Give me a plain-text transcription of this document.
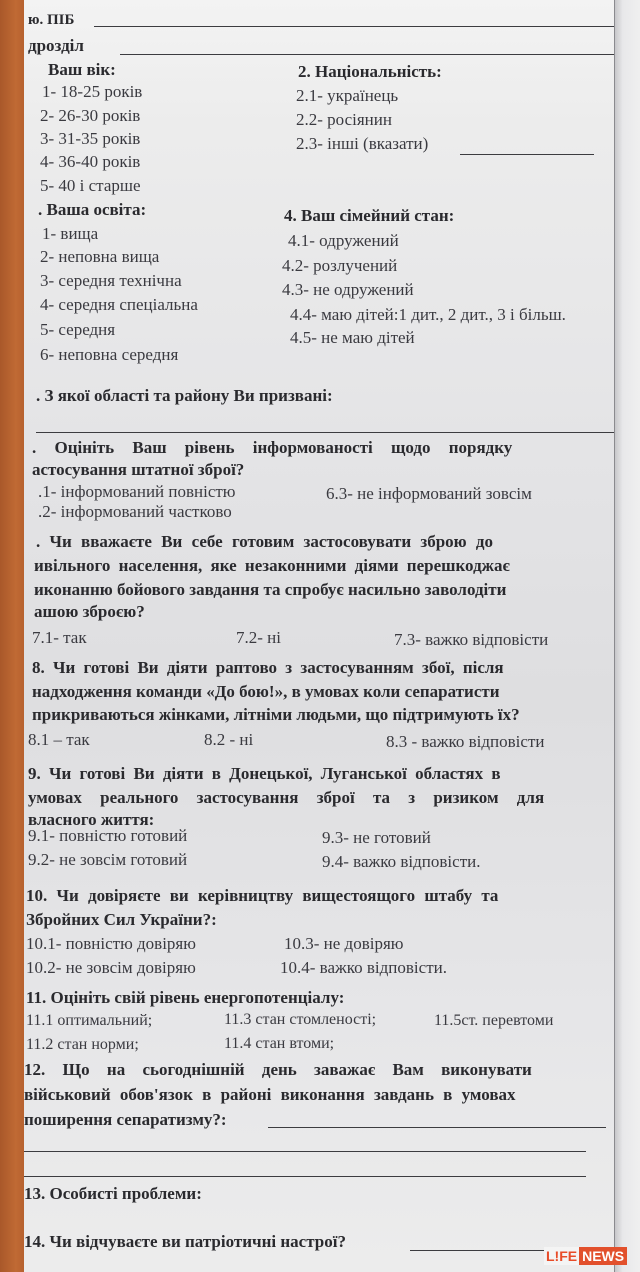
ю. ПІБ
дрозділ
Ваш вік:
1- 18-25 років
2- 26-30 років
3- 31-35 років
4- 36-40 років
5- 40 і старше
2. Національність:
2.1- українець
2.2- росіянин
2.3- інші (вказати)
. Ваша освіта:
1- вища
2- неповна вища
3- середня технічна
4- середня спеціальна
5- середня
6- неповна середня
4. Ваш сімейний стан:
4.1- одружений
4.2- розлучений
4.3- не одружений
4.4- маю дітей:1 дит., 2 дит., 3 і більш.
4.5- не маю дітей
. З якої області та району Ви призвані:
. Оцініть Ваш рівень інформованості щодо порядку
астосування штатної зброї?
.1- інформований повністю
.2- інформований частково
6.3- не інформований зовсім
. Чи вважаєте Ви себе готовим застосовувати зброю до
ивільного населення, яке незаконними діями перешкоджає
иконанню бойового завдання та спробує насильно заволодіти
ашою зброєю?
7.1- так	7.2- ні	7.3- важко відповісти
8. Чи готові Ви діяти раптово з застосуванням збої, після
надходження команди «До бою!», в умовах коли сепаратисти
прикриваються жінками, літніми людьми, що підтримують їх?
8.1 – так	8.2 - ні	8.3 - важко відповісти
9. Чи готові Ви діяти в Донецької, Луганської областях в
умовах реального застосування зброї та з ризиком для
власного життя:
9.1- повністю готовий
9.2- не зовсім готовий
9.3- не готовий
9.4- важко відповісти.
10. Чи довіряєте ви керівництву вищестоящого штабу та
Збройних Сил України?:
10.1- повністю довіряю
10.2- не зовсім довіряю
10.3- не довіряю
10.4- важко відповісти.
11. Оцініть свій рівень енергопотенціалу:
11.1 оптимальний;
11.2 стан норми;
11.3 стан стомленості;
11.4 стан втоми;
11.5ст. перевтоми
12. Що на сьогоднішній день заважає Вам виконувати
військовий обов'язок в районі виконання завдань в умовах
поширення сепаратизму?:
13. Особисті проблеми:
14. Чи відчуваєте ви патріотичні настрої?
L!FE NEWS
